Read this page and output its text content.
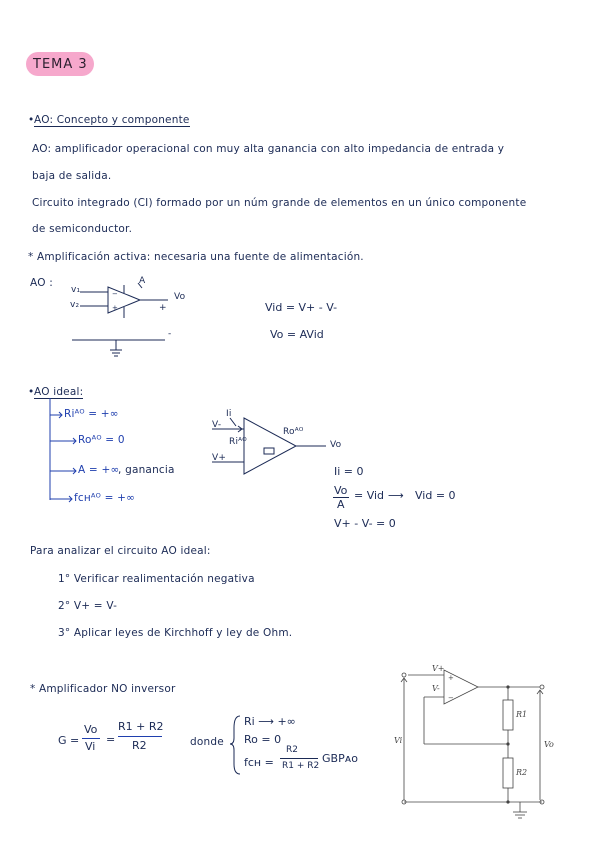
TEMA 3
• AO: Concepto y componente
AO: amplificador operacional con muy alta ganancia con alto impedancia de entrada y
baja de salida.
Circuito integrado (CI) formado por un núm grande de elementos en un único componente
de semiconductor.
* Amplificación activa: necesaria una fuente de alimentación.
AO :
−
+
v₁
v₂
A
Vo
+
-
Vid = V+ - V-
Vo = AVid
• AO ideal:
Riᴬᴼ = +∞
Roᴬᴼ = 0
A = +∞
, ganancia
fᴄʜᴬᴼ = +∞
Ii
V-
V+
Riᴬᴼ
Roᴬᴼ
Vo
Ii = 0
Vo
A
= Vid ⟶ Vid = 0
V+ - V- = 0
Para analizar el circuito AO ideal:
1° Verificar realimentación negativa
2° V+ = V-
3° Aplicar leyes de Kirchhoff y ley de Ohm.
* Amplificador NO inversor
G =
Vo
Vi
=
R1 + R2
R2	donde
Ri ⟶ +∞
Ro = 0
fᴄʜ =
R2
R1 + R2
GBPᴀᴏ
+
−
V+
V-
Vi	Vo
R1
R2
